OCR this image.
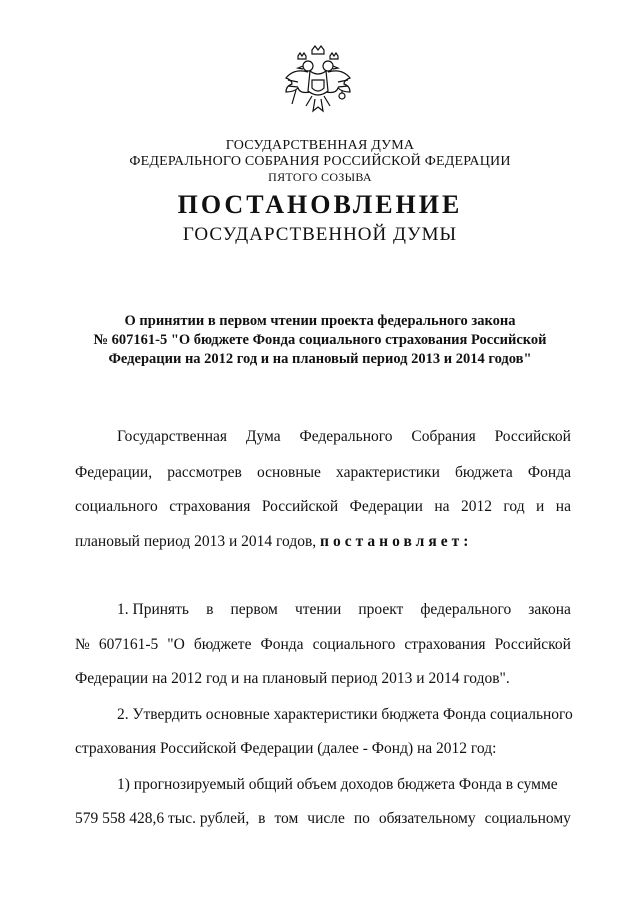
ГОСУДАРСТВЕННАЯ ДУМА
ФЕДЕРАЛЬНОГО СОБРАНИЯ РОССИЙСКОЙ ФЕДЕРАЦИИ
ПЯТОГО СОЗЫВА
ПОСТАНОВЛЕНИЕ
ГОСУДАРСТВЕННОЙ ДУМЫ
О принятии в первом чтении проекта федерального закона
№ 607161-5 "О бюджете Фонда социального страхования Российской
Федерации на 2012 год и на плановый период 2013 и 2014 годов"
Государственная Дума Федерального Собрания Российской
Федерации, рассмотрев основные характеристики бюджета Фонда
социального страхования Российской Федерации на 2012 год и на
плановый период 2013 и 2014 годов, постановляет:
1. Принять в первом чтении проект федерального закона
№ 607161-5 "О бюджете Фонда социального страхования Российской
Федерации на 2012 год и на плановый период 2013 и 2014 годов".
2. Утвердить основные характеристики бюджета Фонда социального
страхования Российской Федерации (далее - Фонд) на 2012 год:
1) прогнозируемый общий объем доходов бюджета Фонда в сумме
579 558 428,6 тыс. рублей, в том числе по обязательному социальному
